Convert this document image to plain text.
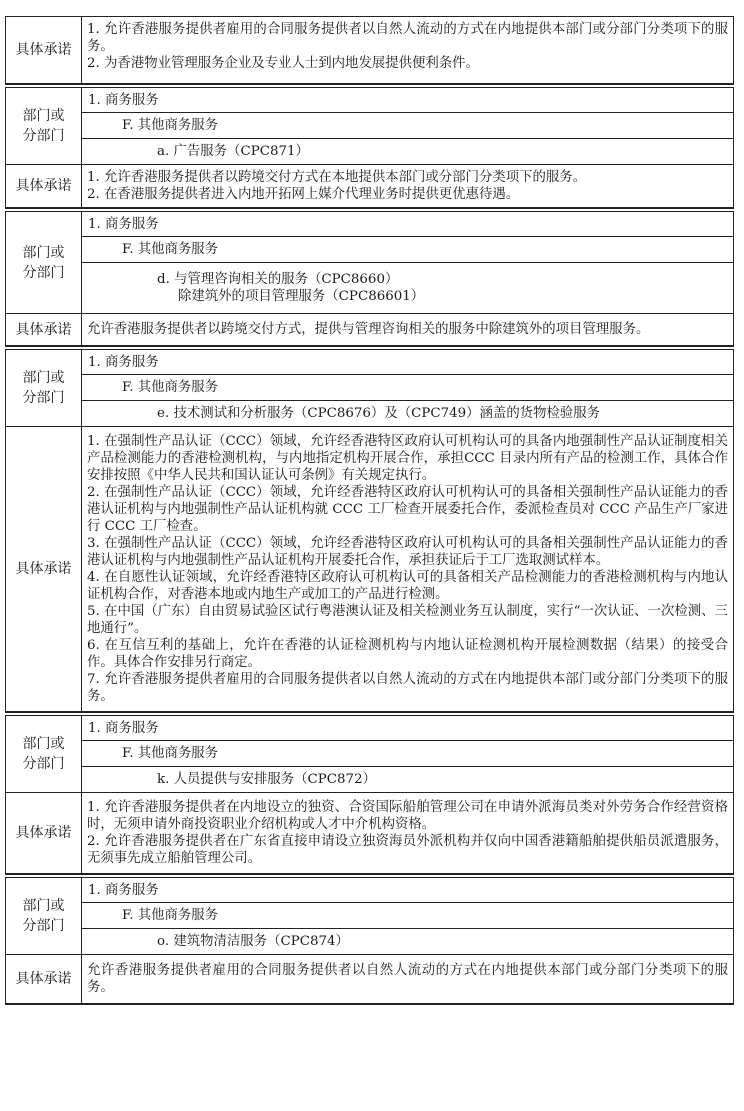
具体承诺

1. 允许香港服务提供者雇用的合同服务提供者以自然人流动的方式在内地提供本部门或分部门分类项下的服务。

2. 为香港物业管理服务企业及专业人士到内地发展提供便利条件。

部门或
分部门
1. 商务服务
F. 其他商务服务
a. 广告服务（CPC871）
具体承诺

1. 允许香港服务提供者以跨境交付方式在本地提供本部门或分部门分类项下的服务。

2. 在香港服务提供者进入内地开拓网上媒介代理业务时提供更优惠待遇。

部门或
分部门
1. 商务服务
F. 其他商务服务
d. 与管理咨询相关的服务（CPC8660）
除建筑外的项目管理服务（CPC86601）
具体承诺	允许香港服务提供者以跨境交付方式，提供与管理咨询相关的服务中除建筑外的项目管理服务。

部门或
分部门
1. 商务服务
F. 其他商务服务
e. 技术测试和分析服务（CPC8676）及（CPC749）涵盖的货物检验服务
具体承诺

1. 在强制性产品认证（CCC）领域，允许经香港特区政府认可机构认可的具备内地强制性产品认证制度相关产品检测能力的香港检测机构，与内地指定机构开展合作，承担CCC 目录内所有产品的检测工作，具体合作安排按照《中华人民共和国认证认可条例》有关规定执行。

2. 在强制性产品认证（CCC）领域，允许经香港特区政府认可机构认可的具备相关强制性产品认证能力的香港认证机构与内地强制性产品认证机构就 CCC 工厂检查开展委托合作，委派检查员对 CCC 产品生产厂家进行 CCC 工厂检查。

3. 在强制性产品认证（CCC）领域，允许经香港特区政府认可机构认可的具备相关强制性产品认证能力的香港认证机构与内地强制性产品认证机构开展委托合作，承担获证后于工厂选取测试样本。

4. 在自愿性认证领域，允许经香港特区政府认可机构认可的具备相关产品检测能力的香港检测机构与内地认证机构合作，对香港本地或内地生产或加工的产品进行检测。

5. 在中国（广东）自由贸易试验区试行粤港澳认证及相关检测业务互认制度，实行“一次认证、一次检测、三地通行”。

6. 在互信互利的基础上，允许在香港的认证检测机构与内地认证检测机构开展检测数据（结果）的接受合作。具体合作安排另行商定。

7. 允许香港服务提供者雇用的合同服务提供者以自然人流动的方式在内地提供本部门或分部门分类项下的服务。

部门或
分部门
1. 商务服务
F. 其他商务服务
k. 人员提供与安排服务（CPC872）
具体承诺

1. 允许香港服务提供者在内地设立的独资、合资国际船舶管理公司在申请外派海员类对外劳务合作经营资格时，无须申请外商投资职业介绍机构或人才中介机构资格。

2. 允许香港服务提供者在广东省直接申请设立独资海员外派机构并仅向中国香港籍船舶提供船员派遣服务，无须事先成立船舶管理公司。

部门或
分部门
1. 商务服务
F. 其他商务服务
o. 建筑物清洁服务（CPC874）
具体承诺

允许香港服务提供者雇用的合同服务提供者以自然人流动的方式在内地提供本部门或分部门分类项下的服务。
